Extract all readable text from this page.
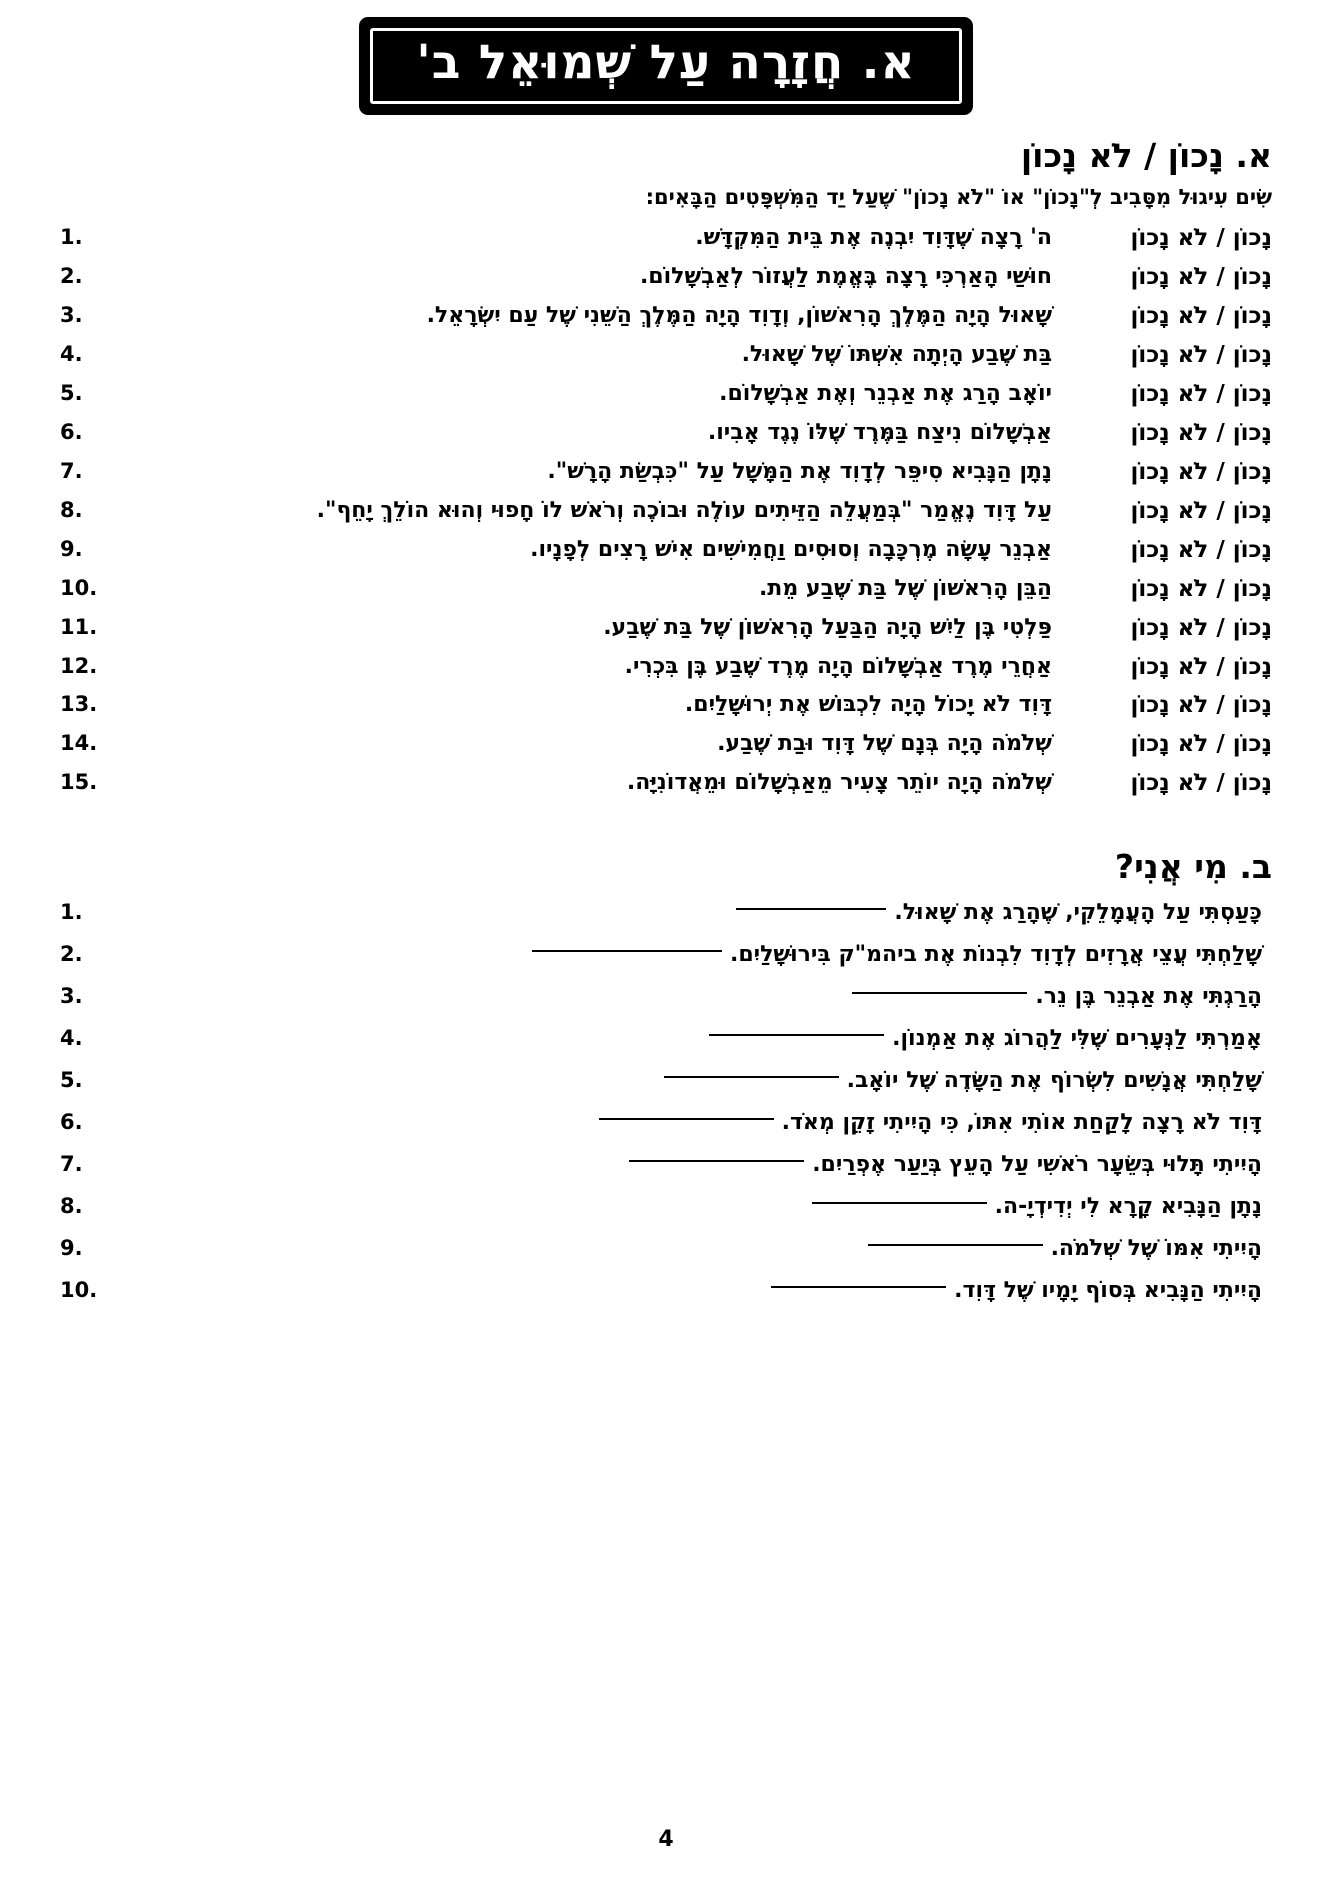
א. חֲזָרָה עַל שְׁמוּאֵל ב'
א. נָכוֹן / לֹא נָכוֹן
שִׂים עִיגוּל מִסָּבִיב לְ"נָכוֹן" אוֹ "לֹא נָכוֹן" שֶׁעַל יַד הַמִּשְׁפָּטִים הַבָּאִים:
נָכוֹן / לֹא נָכוֹן
ה' רָצָה שֶׁדָּוִד יִבְנֶה אֶת בֵּית הַמִּקְדָּשׁ.
1.
נָכוֹן / לֹא נָכוֹן
חוּשַׁי הָאַרְכִּי רָצָה בֶּאֱמֶת לַעֲזוֹר לְאַבְשָׁלוֹם.
2.
נָכוֹן / לֹא נָכוֹן
שָׁאוּל הָיָה הַמֶּלֶךְ הָרִאשׁוֹן, וְדָוִד הָיָה הַמֶּלֶךְ הַשֵּׁנִי שֶׁל עַם יִשְׂרָאֵל.
3.
נָכוֹן / לֹא נָכוֹן
בַּת שֶׁבַע הָיְתָה אִשְׁתּוֹ שֶׁל שָׁאוּל.
4.
נָכוֹן / לֹא נָכוֹן
יוֹאָב הָרַג אֶת אַבְנֵר וְאֶת אַבְשָׁלוֹם.
5.
נָכוֹן / לֹא נָכוֹן
אַבְשָׁלוֹם נִיצַח בַּמֶּרֶד שֶׁלּוֹ נֶגֶד אָבִיו.
6.
נָכוֹן / לֹא נָכוֹן
נָתָן הַנָּבִיא סִיפֵּר לְדָוִד אֶת הַמָּשָׁל עַל "כִּבְשַׂת הָרָשׁ".
7.
נָכוֹן / לֹא נָכוֹן
עַל דָּוִד נֶאֱמַר "בְּמַעֲלֵה הַזֵּיתִים עוֹלֶה וּבוֹכֶה וְרֹאשׁ לוֹ חָפוּי וְהוּא הוֹלֵךְ יָחֵף".
8.
נָכוֹן / לֹא נָכוֹן
אַבְנֵר עָשָׂה מֶרְכָּבָה וְסוּסִים וַחֲמִישִּׁים אִישׁ רָצִים לְפָנָיו.
9.
נָכוֹן / לֹא נָכוֹן
הַבֵּן הָרִאשׁוֹן שֶׁל בַּת שֶׁבַע מֵת.
10.
נָכוֹן / לֹא נָכוֹן
פַּלְטִי בֶּן לַיִשׁ הָיָה הַבַּעַל הָרִאשׁוֹן שֶׁל בַּת שֶׁבַע.
11.
נָכוֹן / לֹא נָכוֹן
אַחֲרֵי מֶרֶד אַבְשָׁלוֹם הָיָה מֶרֶד שֶׁבַע בֶּן בִּכְרִי.
12.
נָכוֹן / לֹא נָכוֹן
דָּוִד לֹא יָכוֹל הָיָה לִכְבּוֹשׁ אֶת יְרוּשָׁלַיִם.
13.
נָכוֹן / לֹא נָכוֹן
שְׁלֹמֹה הָיָה בְּנָם שֶׁל דָּוִד וּבַת שֶׁבַע.
14.
נָכוֹן / לֹא נָכוֹן
שְׁלֹמֹה הָיָה יוֹתֵר צָעִיר מֵאַבְשָׁלוֹם וּמֵאֲדוֹנִיָּה.
15.
ב. מִי אֲנִי?
כָּעַסְתִּי עַל הָעֲמָלֵקִי, שֶׁהָרַג אֶת שָׁאוּל.
1.
שָׁלַחְתִּי עֲצֵי אֲרָזִים לְדָוִד לִבְנוֹת אֶת ביהמ"ק בִּירוּשָׁלַיִם.
2.
הָרַגְתִּי אֶת אַבְנֵר בֶּן נֵר.
3.
אָמַרְתִּי לַנְּעָרִים שֶׁלִּי לַהֲרוֹג אֶת אַמְנוֹן.
4.
שָׁלַחְתִּי אֲנָשִׁים לִשְׂרוֹף אֶת הַשָּׂדֶה שֶׁל יוֹאָב.
5.
דָּוִד לֹא רָצָה לָקַחַת אוֹתִי אִתּוֹ, כִּי הָיִיתִי זָקֵן מְאֹד.
6.
הָיִיתִי תָּלוּי בְּשֵׂעָר רֹאשִׁי עַל הָעֵץ בְּיַעַר אֶפְרַיִם.
7.
נָתָן הַנָּבִיא קָרָא לִי יְדִידְיָ-ה.
8.
הָיִיתִי אִמּוֹ שֶׁל שְׁלֹמֹה.
9.
הָיִיתִי הַנָּבִיא בְּסוֹף יָמָיו שֶׁל דָּוִד.
10.
4
